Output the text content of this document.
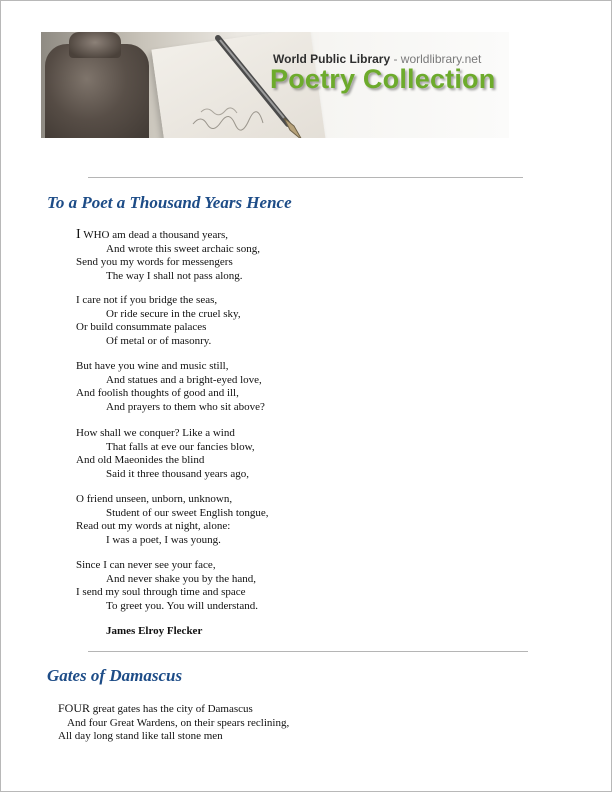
World Public Library - worldlibrary.net
Poetry Collection
To a Poet a Thousand Years Hence
I WHO am dead a thousand years,
And wrote this sweet archaic song,
Send you my words for messengers
The way I shall not pass along.
I care not if you bridge the seas,
Or ride secure in the cruel sky,
Or build consummate palaces
Of metal or of masonry.
But have you wine and music still,
And statues and a bright-eyed love,
And foolish thoughts of good and ill,
And prayers to them who sit above?
How shall we conquer? Like a wind
That falls at eve our fancies blow,
And old Maeonides the blind
Said it three thousand years ago,
O friend unseen, unborn, unknown,
Student of our sweet English tongue,
Read out my words at night, alone:
I was a poet, I was young.
Since I can never see your face,
And never shake you by the hand,
I send my soul through time and space
To greet you. You will understand.
James Elroy Flecker
Gates of Damascus
FOUR great gates has the city of Damascus
And four Great Wardens, on their spears reclining,
All day long stand like tall stone men
